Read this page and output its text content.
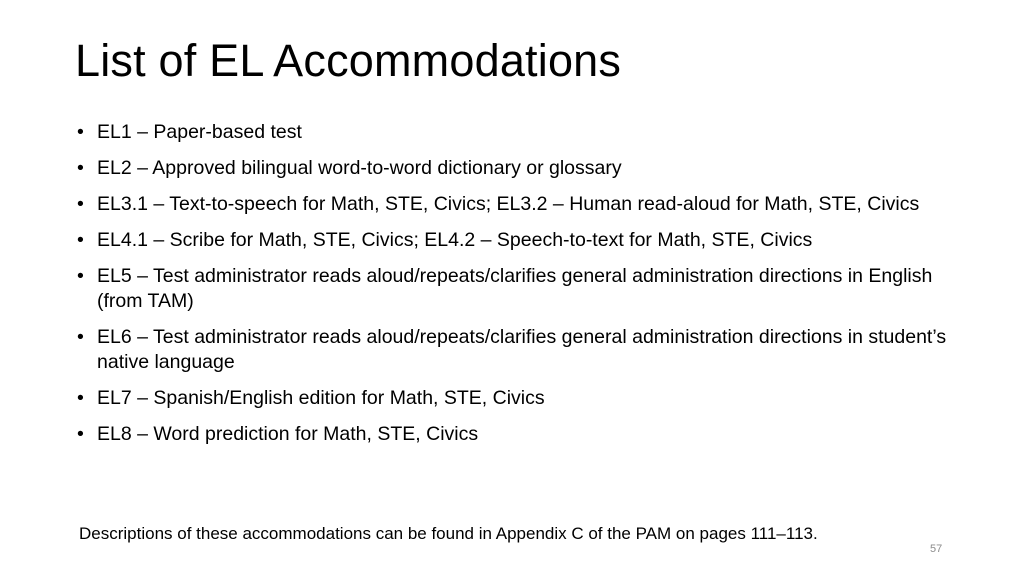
List of EL Accommodations
• EL1 – Paper-based test
• EL2 – Approved bilingual word-to-word dictionary or glossary
• EL3.1 – Text-to-speech for Math, STE, Civics; EL3.2 – Human read-aloud for Math, STE, Civics
• EL4.1 – Scribe for Math, STE, Civics; EL4.2 – Speech-to-text for Math, STE, Civics
• EL5 – Test administrator reads aloud/repeats/clarifies general administration directions in English (from TAM)
• EL6 – Test administrator reads aloud/repeats/clarifies general administration directions in student’s native language
• EL7 – Spanish/English edition for Math, STE, Civics
• EL8 – Word prediction for Math, STE, Civics
Descriptions of these accommodations can be found in Appendix C of the PAM on pages 111–113.
57
